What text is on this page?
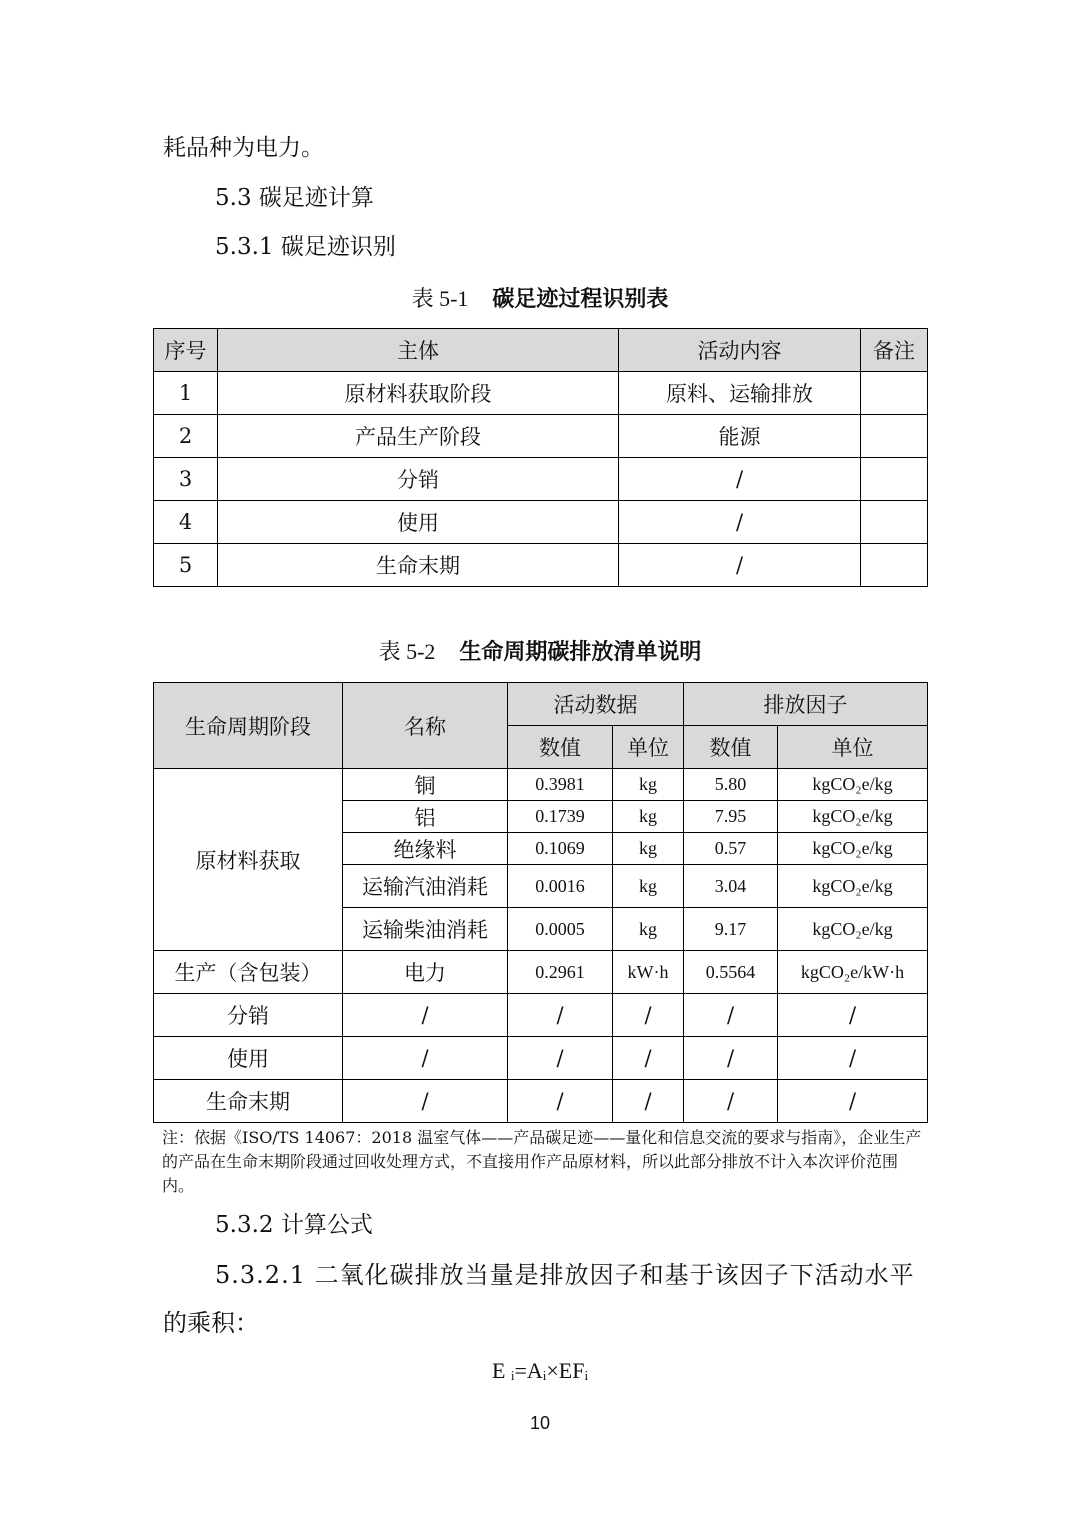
耗品种为电力。
5.3 碳足迹计算
5.3.1 碳足迹识别
表 5-1 碳足迹过程识别表
序号	主体	活动内容	备注
1	原材料获取阶段	原料、运输排放	
2	产品生产阶段	能源	
3	分销	/	
4	使用	/	
5	生命末期	/	
表 5-2 生命周期碳排放清单说明
生命周期阶段	名称	活动数据		排放因子	
		数值	单位	数值	单位
原材料获取	铜	0.3981	kg	5.80	kgCO₂e/kg
	铝	0.1739	kg	7.95	kgCO₂e/kg
	绝缘料	0.1069	kg	0.57	kgCO₂e/kg
	运输汽油消耗	0.0016	kg	3.04	kgCO₂e/kg
	运输柴油消耗	0.0005	kg	9.17	kgCO₂e/kg
生产（含包装）	电力	0.2961	kW·h	0.5564	kgCO₂e/kW·h
分销	/	/	/	/	/
使用	/	/	/	/	/
生命末期	/	/	/	/	/
注：依据《ISO/TS 14067：2018 温室气体——产品碳足迹——量化和信息交流的要求与指南》，企业生产的产品在生命末期阶段通过回收处理方式，不直接用作产品原材料，所以此部分排放不计入本次评价范围内。
5.3.2 计算公式
5.3.2.1 二氧化碳排放当量是排放因子和基于该因子下活动水平
的乘积：
E ᵢ=Aᵢ×EFᵢ
10
